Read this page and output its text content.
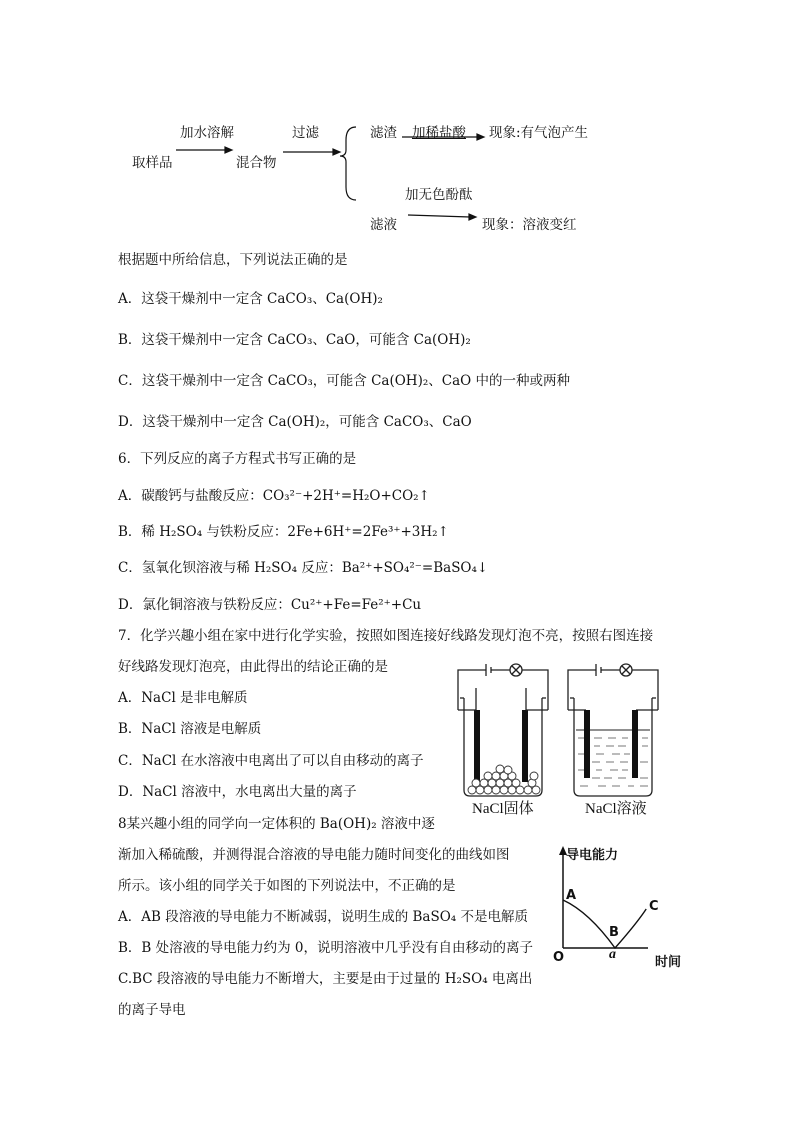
取样品
加水溶解
混合物
过滤	滤渣 加稀盐酸 现象:有气泡产生
加无色酚酞
滤液	现象：溶液变红
根据题中所给信息，下列说法正确的是
A．这袋干燥剂中一定含 CaCO₃、Ca(OH)₂
B．这袋干燥剂中一定含 CaCO₃、CaO，可能含 Ca(OH)₂
C．这袋干燥剂中一定含 CaCO₃，可能含 Ca(OH)₂、CaO 中的一种或两种
D．这袋干燥剂中一定含 Ca(OH)₂，可能含 CaCO₃、CaO
6．下列反应的离子方程式书写正确的是
A．碳酸钙与盐酸反应：CO₃²⁻+2H⁺=H₂O+CO₂↑
B．稀 H₂SO₄ 与铁粉反应：2Fe+6H⁺=2Fe³⁺+3H₂↑
C．氢氧化钡溶液与稀 H₂SO₄ 反应：Ba²⁺+SO₄²⁻=BaSO₄↓
D．氯化铜溶液与铁粉反应：Cu²⁺+Fe=Fe²⁺+Cu
7．化学兴趣小组在家中进行化学实验，按照如图连接好线路发现灯泡不亮，按照右图连接
好线路发现灯泡亮，由此得出的结论正确的是
A．NaCl 是非电解质
B．NaCl 溶液是电解质
C．NaCl 在水溶液中电离出了可以自由移动的离子
D．NaCl 溶液中，水电离出大量的离子
NaCl固体	NaCl溶液
8某兴趣小组的同学向一定体积的 Ba(OH)₂ 溶液中逐
渐加入稀硫酸，并测得混合溶液的导电能力随时间变化的曲线如图
所示。该小组的同学关于如图的下列说法中，不正确的是
A．AB 段溶液的导电能力不断减弱，说明生成的 BaSO₄ 不是电解质
B．B 处溶液的导电能力约为 0，说明溶液中几乎没有自由移动的离子
C.BC 段溶液的导电能力不断增大，主要是由于过量的 H₂SO₄ 电离出
的离子导电
导电能力
时间
O
A
B
C
a
